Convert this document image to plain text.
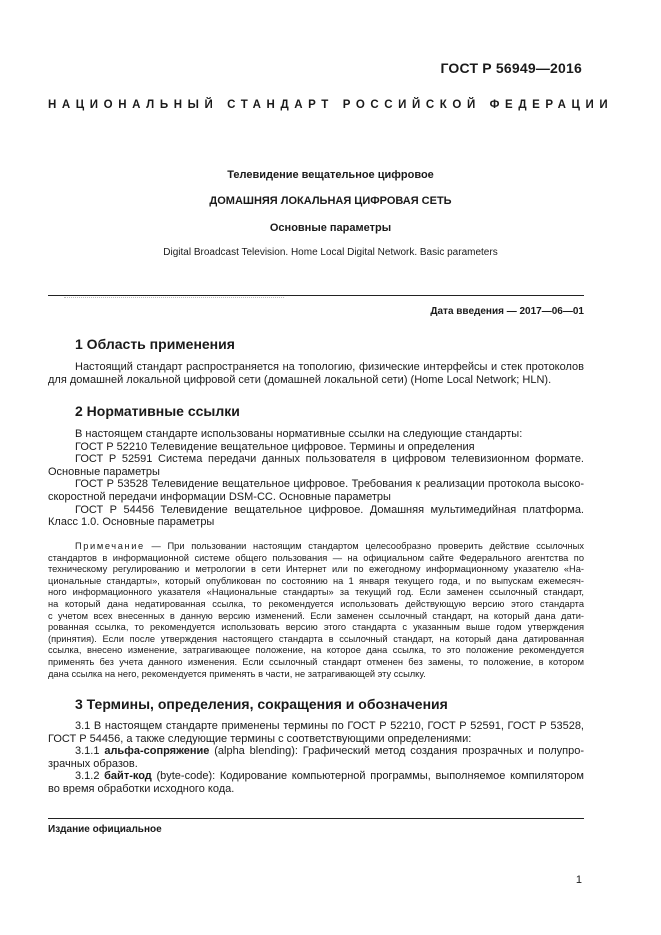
ГОСТ Р 56949—2016
НАЦИОНАЛЬНЫЙ СТАНДАРТ РОССИЙСКОЙ ФЕДЕРАЦИИ
Телевидение вещательное цифровое
ДОМАШНЯЯ ЛОКАЛЬНАЯ ЦИФРОВАЯ СЕТЬ
Основные параметры
Digital Broadcast Television. Home Local Digital Network. Basic parameters
Дата введения — 2017—06—01
1 Область применения
Настоящий стандарт распространяется на топологию, физические интерфейсы и стек протоколов
для домашней локальной цифровой сети (домашней локальной сети) (Home Local Network; HLN).
2 Нормативные ссылки
В настоящем стандарте использованы нормативные ссылки на следующие стандарты:
ГОСТ Р 52210 Телевидение вещательное цифровое. Термины и определения
ГОСТ Р 52591 Система передачи данных пользователя в цифровом телевизионном формате.
Основные параметры
ГОСТ Р 53528 Телевидение вещательное цифровое. Требования к реализации протокола высоко-
скоростной передачи информации DSM-CC. Основные параметры
ГОСТ Р 54456 Телевидение вещательное цифровое. Домашняя мультимедийная платформа.
Класс 1.0. Основные параметры
Примечание — При пользовании настоящим стандартом целесообразно проверить действие ссылочных
стандартов в информационной системе общего пользования — на официальном сайте Федерального агентства по
техническому регулированию и метрологии в сети Интернет или по ежегодному информационному указателю «На-
циональные стандарты», который опубликован по состоянию на 1 января текущего года, и по выпускам ежемесяч-
ного информационного указателя «Национальные стандарты» за текущий год. Если заменен ссылочный стандарт,
на который дана недатированная ссылка, то рекомендуется использовать действующую версию этого стандарта
с учетом всех внесенных в данную версию изменений. Если заменен ссылочный стандарт, на который дана дати-
рованная ссылка, то рекомендуется использовать версию этого стандарта с указанным выше годом утверждения
(принятия). Если после утверждения настоящего стандарта в ссылочный стандарт, на который дана датированная
ссылка, внесено изменение, затрагивающее положение, на которое дана ссылка, то это положение рекомендуется
применять без учета данного изменения. Если ссылочный стандарт отменен без замены, то положение, в котором
дана ссылка на него, рекомендуется применять в части, не затрагивающей эту ссылку.
3 Термины, определения, сокращения и обозначения
3.1 В настоящем стандарте применены термины по ГОСТ Р 52210, ГОСТ Р 52591, ГОСТ Р 53528,
ГОСТ Р 54456, а также следующие термины с соответствующими определениями:
3.1.1 альфа-сопряжение (alpha blending): Графический метод создания прозрачных и полупро-
зрачных образов.
3.1.2 байт-код (byte-code): Кодирование компьютерной программы, выполняемое компилятором
во время обработки исходного кода.
Издание официальное
1
